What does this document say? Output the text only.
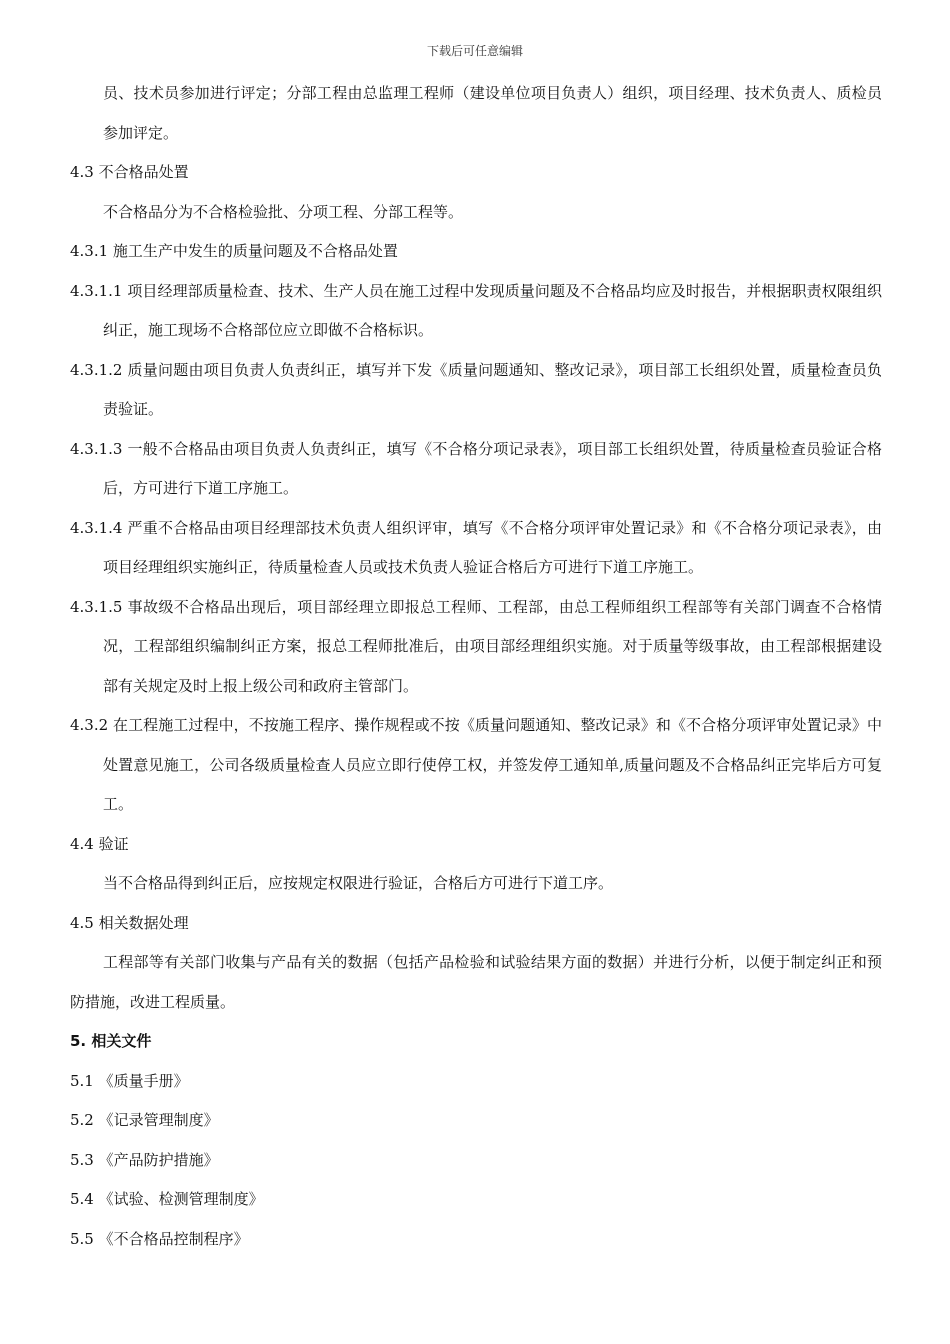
下载后可任意编辑

员、技术员参加进行评定；分部工程由总监理工程师（建设单位项目负责人）组织，项目经理、技术负责人、质检员参加评定。

4.3 不合格品处置

不合格品分为不合格检验批、分项工程、分部工程等。

4.3.1 施工生产中发生的质量问题及不合格品处置

4.3.1.1 项目经理部质量检查、技术、生产人员在施工过程中发现质量问题及不合格品均应及时报告，并根据职责权限组织纠正，施工现场不合格部位应立即做不合格标识。

4.3.1.2 质量问题由项目负责人负责纠正，填写并下发《质量问题通知、整改记录》，项目部工长组织处置，质量检查员负责验证。

4.3.1.3 一般不合格品由项目负责人负责纠正，填写《不合格分项记录表》，项目部工长组织处置，待质量检查员验证合格后，方可进行下道工序施工。

4.3.1.4 严重不合格品由项目经理部技术负责人组织评审，填写《不合格分项评审处置记录》和《不合格分项记录表》，由项目经理组织实施纠正，待质量检查人员或技术负责人验证合格后方可进行下道工序施工。

4.3.1.5 事故级不合格品出现后，项目部经理立即报总工程师、工程部，由总工程师组织工程部等有关部门调查不合格情况，工程部组织编制纠正方案，报总工程师批准后，由项目部经理组织实施。对于质量等级事故，由工程部根据建设部有关规定及时上报上级公司和政府主管部门。

4.3.2 在工程施工过程中，不按施工程序、操作规程或不按《质量问题通知、整改记录》和《不合格分项评审处置记录》中处置意见施工，公司各级质量检查人员应立即行使停工权，并签发停工通知单,质量问题及不合格品纠正完毕后方可复工。

4.4 验证

当不合格品得到纠正后，应按规定权限进行验证，合格后方可进行下道工序。

4.5 相关数据处理

工程部等有关部门收集与产品有关的数据（包括产品检验和试验结果方面的数据）并进行分析，以便于制定纠正和预防措施，改进工程质量。

5. 相关文件

5.1 《质量手册》

5.2 《记录管理制度》

5.3 《产品防护措施》

5.4 《试验、检测管理制度》

5.5 《不合格品控制程序》
